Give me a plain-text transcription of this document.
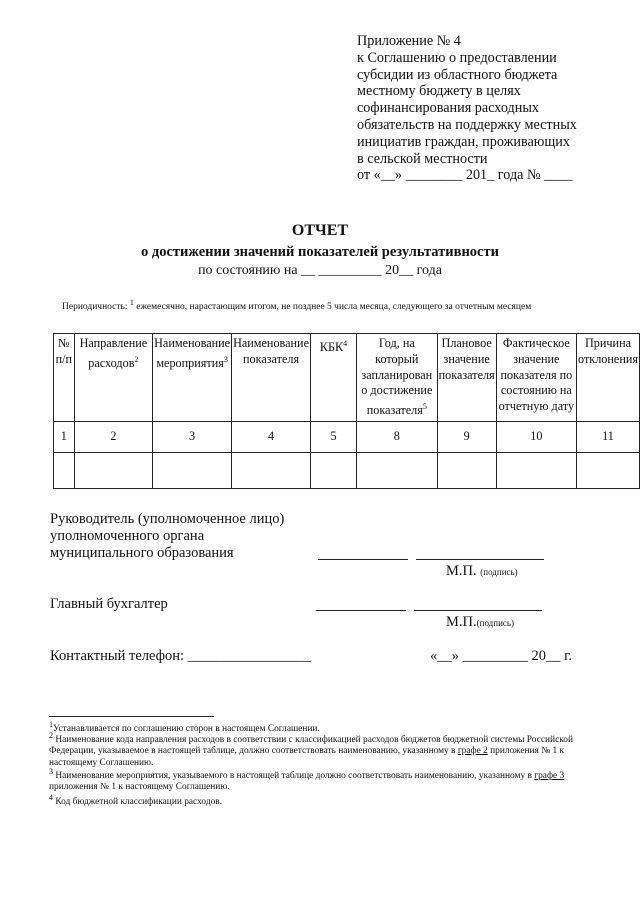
Приложение № 4
к Соглашению о предоставлении
субсидии из областного бюджета
местному бюджету в целях
софинансирования расходных
обязательств на поддержку местных
инициатив граждан, проживающих
в сельской местности
от «__» ________ 201_ года № ____
ОТЧЕТ
о достижении значений показателей результативности
по состоянию на __ _________ 20__ года
Периодичность: $^1$ ежемесячно, нарастающим итогом, не позднее 5 числа месяца, следующего за отчетным месяцем
№ п/п	Направление расходов$^2$	Наименование мероприятия$^3$	Наименование показателя	КБК$^4$	Год, на который запланирован о достижение показателя$^5$	Плановое значение показателя	Фактическое значение показателя по состоянию на отчетную дату	Причина отклонения
1	2	3	4	5	8	9	10	11

Руководитель (уполномоченное лицо)
уполномоченного органа
муниципального образования
М.П. (подпись)
Главный бухгалтер
М.П.(подпись)
Контактный телефон: _________________	«__» _________ 20__ г.
$^1$Устанавливается по соглашению сторон в настоящем Соглашении.
$^2$ Наименование кода направления расходов в соответствии с классификацией расходов бюджетов бюджетной системы Российской Федерации, указываемое в настоящей таблице, должно соответствовать наименованию, указанному в графе 2 приложения № 1 к настоящему Соглашению.
$^3$ Наименование мероприятия, указываемого в настоящей таблице должно соответствовать наименованию, указанному в графе 3 приложения № 1 к настоящему Соглашению.
$^4$ Код бюджетной классификации расходов.
